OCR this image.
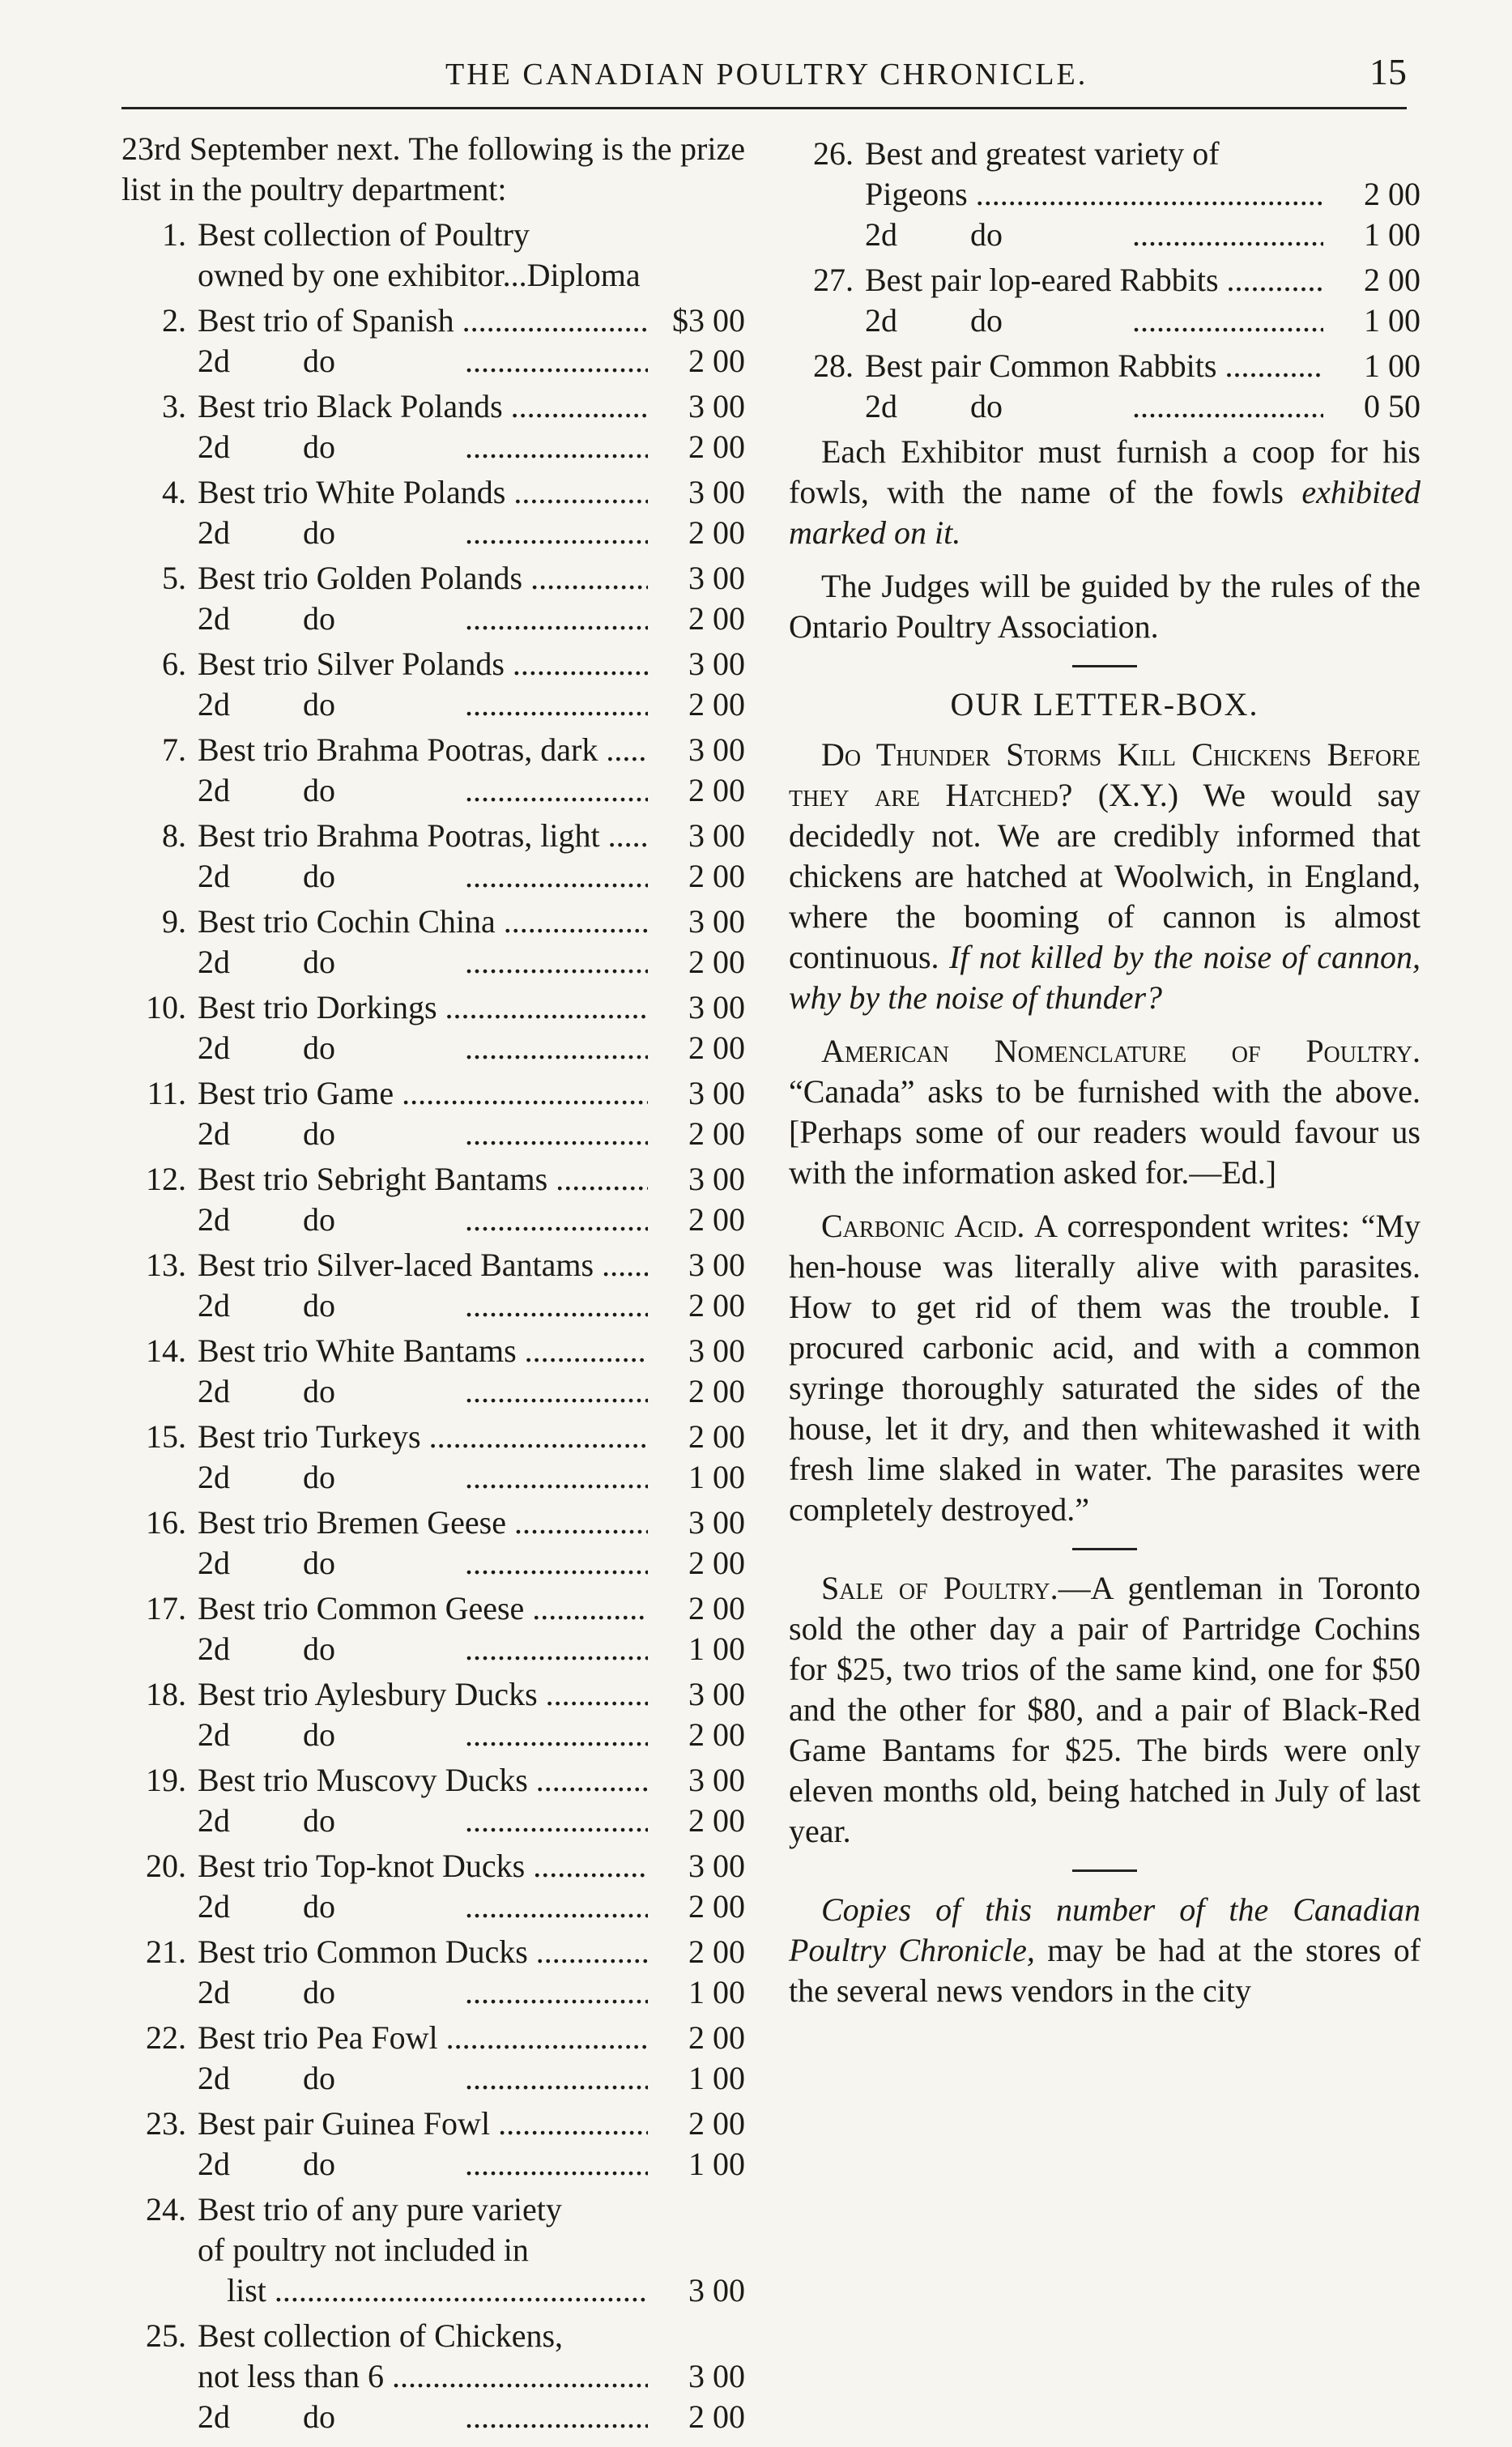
THE CANADIAN POULTRY CHRONICLE.	15

23rd September next. The following is the prize list in the poultry department:

1. Best collection of Poultry
owned by one exhibitor...Diploma
2. Best trio of Spanish .....	$3 00
2d do .....	2 00
3. Best trio Black Polands .....	3 00
2d do .....	2 00
4. Best trio White Polands .....	3 00
2d do .....	2 00
5. Best trio Golden Polands .....	3 00
2d do .....	2 00
6. Best trio Silver Polands .....	3 00
2d do .....	2 00
7. Best trio Brahma Pootras, dark .....	3 00
2d do .....	2 00
8. Best trio Brahma Pootras, light .....	3 00
2d do .....	2 00
9. Best trio Cochin China .....	3 00
2d do .....	2 00
10. Best trio Dorkings .....	3 00
2d do .....	2 00
11. Best trio Game .....	3 00
2d do .....	2 00
12. Best trio Sebright Bantams .....	3 00
2d do .....	2 00
13. Best trio Silver-laced Bantams .....	3 00
2d do .....	2 00
14. Best trio White Bantams .....	3 00
2d do .....	2 00
15. Best trio Turkeys .....	2 00
2d do .....	1 00
16. Best trio Bremen Geese .....	3 00
2d do .....	2 00
17. Best trio Common Geese .....	2 00
2d do .....	1 00
18. Best trio Aylesbury Ducks .....	3 00
2d do .....	2 00
19. Best trio Muscovy Ducks .....	3 00
2d do .....	2 00
20. Best trio Top-knot Ducks .....	3 00
2d do .....	2 00
21. Best trio Common Ducks .....	2 00
2d do .....	1 00
22. Best trio Pea Fowl .....	2 00
2d do .....	1 00
23. Best pair Guinea Fowl .....	2 00
2d do .....	1 00
24. Best trio of any pure variety
of poultry not included in
list .....	3 00
25. Best collection of Chickens,
not less than 6 .....	3 00
2d do .....	2 00
26. Best and greatest variety of
Pigeons .....	2 00
2d do .....	1 00
27. Best pair lop-eared Rabbits .....	2 00
2d do .....	1 00
28. Best pair Common Rabbits .....	1 00
2d do .....	0 50

Each Exhibitor must furnish a coop for his fowls, with the name of the fowls exhibited marked on it.

The Judges will be guided by the rules of the Ontario Poultry Association.

OUR LETTER-BOX.

Do Thunder Storms Kill Chickens Before they are Hatched? (X.Y.) We would say decidedly not. We are credibly informed that chickens are hatched at Woolwich, in England, where the booming of cannon is almost continuous. If not killed by the noise of cannon, why by the noise of thunder?

American Nomenclature of Poultry. “Canada” asks to be furnished with the above. [Perhaps some of our readers would favour us with the information asked for.—Ed.]

Carbonic Acid. A correspondent writes: “My hen-house was literally alive with parasites. How to get rid of them was the trouble. I procured carbonic acid, and with a common syringe thoroughly saturated the sides of the house, let it dry, and then whitewashed it with fresh lime slaked in water. The parasites were completely destroyed.”

Sale of Poultry.—A gentleman in Toronto sold the other day a pair of Partridge Cochins for $25, two trios of the same kind, one for $50 and the other for $80, and a pair of Black-Red Game Bantams for $25. The birds were only eleven months old, being hatched in July of last year.

Copies of this number of the Canadian Poultry Chronicle, may be had at the stores of the several news vendors in the city
